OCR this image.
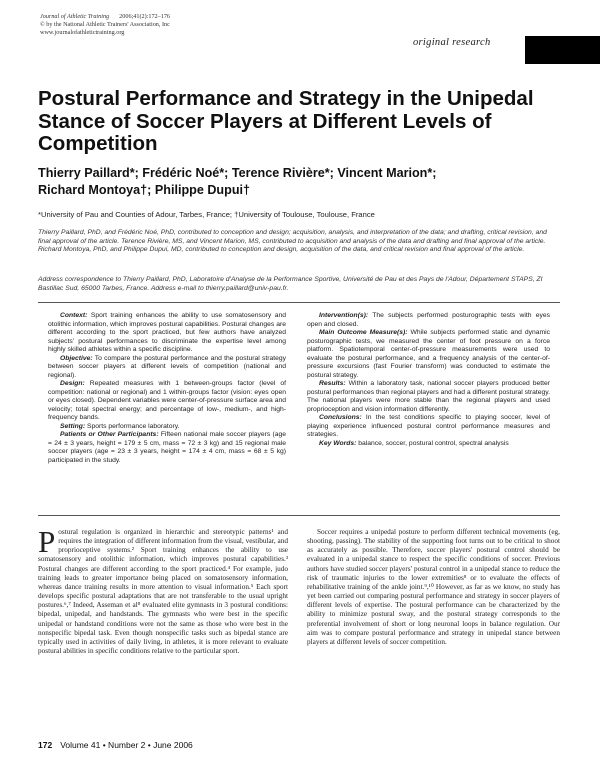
Journal of Athletic Training 2006;41(2):172–176
© by the National Athletic Trainers' Association, Inc
www.journalofathletictraining.org
original research
Postural Performance and Strategy in the Unipedal Stance of Soccer Players at Different Levels of Competition
Thierry Paillard*; Frédéric Noé*; Terence Rivière*; Vincent Marion*;
Richard Montoya†; Philippe Dupui†
*University of Pau and Counties of Adour, Tarbes, France; †University of Toulouse, Toulouse, France
Thierry Paillard, PhD, and Frédéric Noé, PhD, contributed to conception and design; acquisition, analysis, and interpretation of the data; and drafting, critical revision, and final approval of the article. Terence Rivière, MS, and Vincent Marion, MS, contributed to acquisition and analysis of the data and drafting and final approval of the article. Richard Montoya, PhD, and Philippe Dupui, MD, contributed to conception and design, acquisition of the data, and critical revision and final approval of the article.
Address correspondence to Thierry Paillard, PhD, Laboratoire d'Analyse de la Performance Sportive, Université de Pau et des Pays de l'Adour, Département STAPS, ZI Bastillac Sud, 65000 Tarbes, France. Address e-mail to thierry.paillard@univ-pau.fr.

Context: Sport training enhances the ability to use somatosensory and otolithic information, which improves postural capabilities. Postural changes are different according to the sport practiced, but few authors have analyzed subjects' postural performances to discriminate the expertise level among highly skilled athletes within a specific discipline.

Objective: To compare the postural performance and the postural strategy between soccer players at different levels of competition (national and regional).

Design: Repeated measures with 1 between-groups factor (level of competition: national or regional) and 1 within-groups factor (vision: eyes open or eyes closed). Dependent variables were center-of-pressure surface area and velocity; total spectral energy; and percentage of low-, medium-, and high-frequency bands.

Setting: Sports performance laboratory.

Patients or Other Participants: Fifteen national male soccer players (age = 24 ± 3 years, height = 179 ± 5 cm, mass = 72 ± 3 kg) and 15 regional male soccer players (age = 23 ± 3 years, height = 174 ± 4 cm, mass = 68 ± 5 kg) participated in the study.

Intervention(s): The subjects performed posturographic tests with eyes open and closed.

Main Outcome Measure(s): While subjects performed static and dynamic posturographic tests, we measured the center of foot pressure on a force platform. Spatiotemporal center-of-pressure measurements were used to evaluate the postural performance, and a frequency analysis of the center-of-pressure excursions (fast Fourier transform) was conducted to estimate the postural strategy.

Results: Within a laboratory task, national soccer players produced better postural performances than regional players and had a different postural strategy. The national players were more stable than the regional players and used proprioception and vision information differently.

Conclusions: In the test conditions specific to playing soccer, level of playing experience influenced postural control performance measures and strategies.

Key Words: balance, soccer, postural control, spectral analysis

Postural regulation is organized in hierarchic and stereotypic patterns¹ and requires the integration of different information from the visual, vestibular, and proprioceptive systems.² Sport training enhances the ability to use somatosensory and otolithic information, which improves postural capabilities.³ Postural changes are different according to the sport practiced.⁴ For example, judo training leads to greater importance being placed on somatosensory information, whereas dance training results in more attention to visual information.⁵ Each sport develops specific postural adaptations that are not transferable to the usual upright postures.⁶,⁷ Indeed, Asseman et al⁸ evaluated elite gymnasts in 3 postural conditions: bipedal, unipedal, and handstands. The gymnasts who were best in the specific unipedal or handstand conditions were not the same as those who were best in the nonspecific bipedal task. Even though nonspecific tasks such as bipedal stance are typically used in activities of daily living, in athletes, it is more relevant to evaluate postural abilities in specific conditions relative to the particular sport.

Soccer requires a unipedal posture to perform different technical movements (eg, shooting, passing). The stability of the supporting foot turns out to be critical to shoot as accurately as possible. Therefore, soccer players' postural control should be evaluated in a unipedal stance to respect the specific conditions of soccer. Previous authors have studied soccer players' postural control in a unipedal stance to reduce the risk of traumatic injuries to the lower extremities⁸ or to evaluate the effects of rehabilitative training of the ankle joint.⁹,¹⁰ However, as far as we know, no study has yet been carried out comparing postural performance and strategy in soccer players of different levels of expertise. The postural performance can be characterized by the ability to minimize postural sway, and the postural strategy corresponds to the preferential involvement of short or long neuronal loops in balance regulation. Our aim was to compare postural performance and strategy in unipedal stance between players at different levels of soccer competition.

172 Volume 41 • Number 2 • June 2006
